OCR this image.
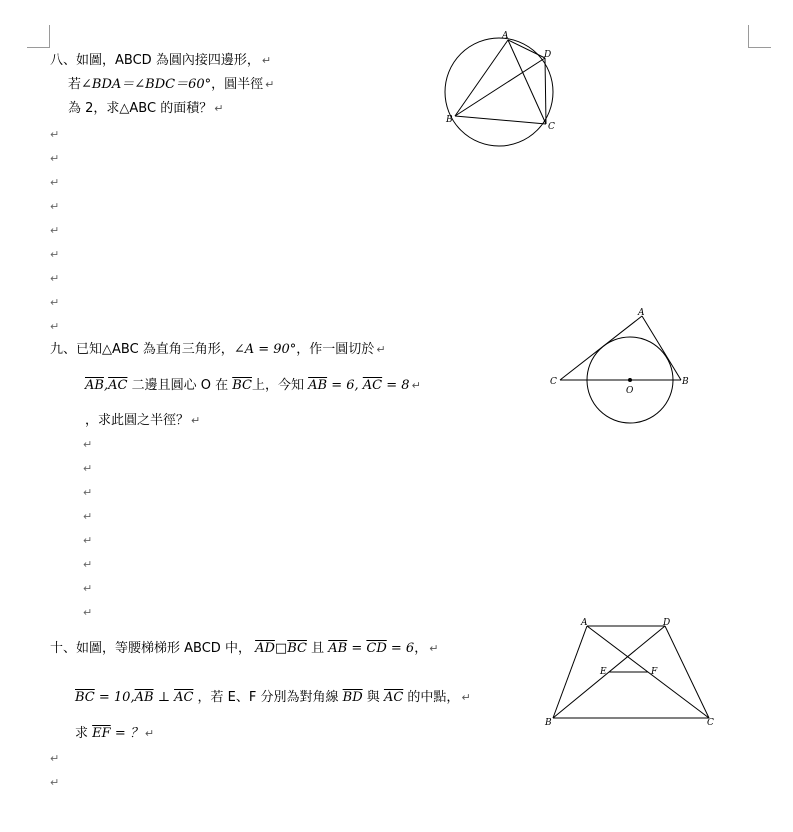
八、如圖，ABCD 為圓內接四邊形， ↵
若∠BDA＝∠BDC＝60°，圓半徑 ↵
為 2，求△ABC 的面積？ ↵
A
D
B
C
↵
↵
↵
↵
↵
↵
↵
↵
↵
九、已知△ABC 為直角三角形，∠A = 90°，作一圓切於 ↵
$\overline{AB},\overline{AC}$ 二邊且圓心 O 在 $\overline{BC}$上，今知 $\overline{AB} = 6$, $\overline{AC} = 8$ ↵
，求此圓之半徑？ ↵
A
C	B
O
↵
↵
↵
↵
↵
↵
↵
↵
十、如圖，等腰梯梯形 ABCD 中， $\overline{AD}□\overline{BC}$ 且 $\overline{AB} = \overline{CD} = 6$， ↵
$\overline{BC} = 10,\overline{AB}$ ⊥ $\overline{AC}$ ，若 E、F 分別為對角線 $\overline{BD}$ 與 $\overline{AC}$ 的中點， ↵
求 $\overline{EF}$ = ？ ↵
A	D
B	C
E	F
↵
↵
